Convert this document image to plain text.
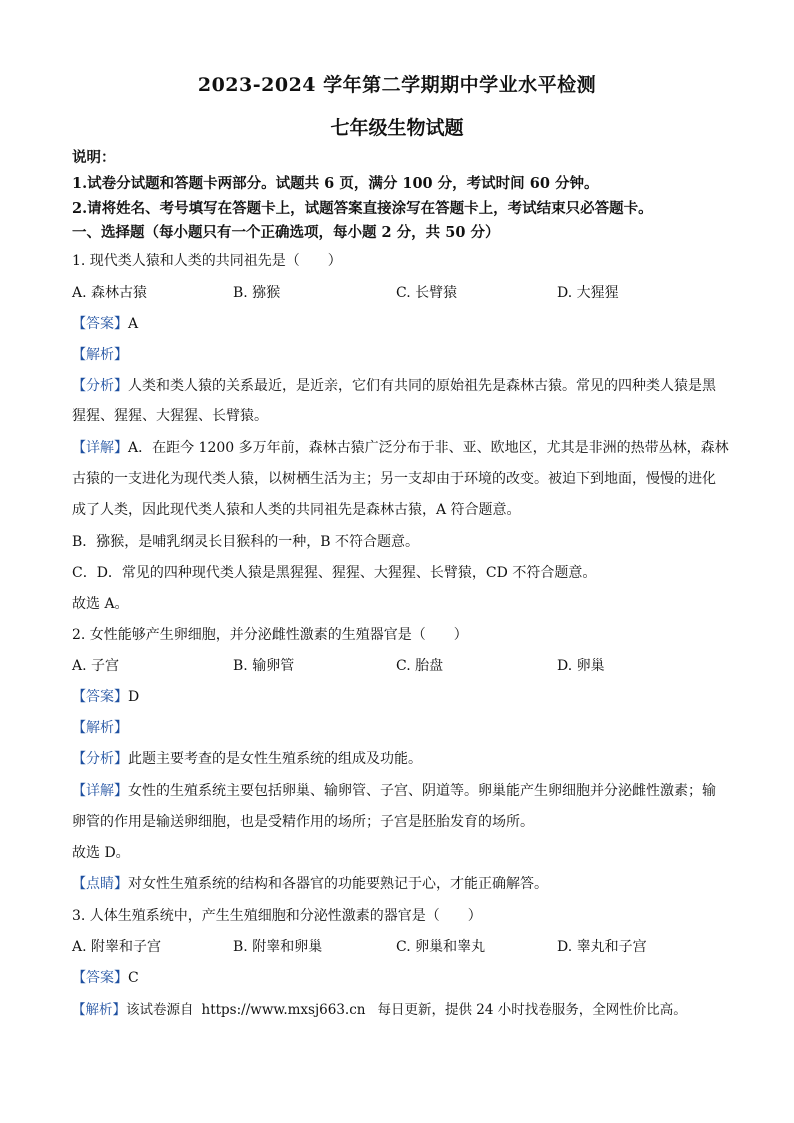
2023-2024 学年第二学期期中学业水平检测
七年级生物试题
说明：
1.试卷分试题和答题卡两部分。试题共 6 页，满分 100 分，考试时间 60 分钟。
2.请将姓名、考号填写在答题卡上，试题答案直接涂写在答题卡上，考试结束只必答题卡。
一、选择题（每小题只有一个正确选项，每小题 2 分，共 50 分）
1. 现代类人猿和人类的共同祖先是（　　）
A. 森林古猿	B. 猕猴	C. 长臂猿	D. 大猩猩
【答案】A
【解析】
【分析】人类和类人猿的关系最近，是近亲，它们有共同的原始祖先是森林古猿。常见的四种类人猿是黑
猩猩、猩猩、大猩猩、长臂猿。
【详解】A．在距今 1200 多万年前，森林古猿广泛分布于非、亚、欧地区，尤其是非洲的热带丛林，森林
古猿的一支进化为现代类人猿，以树栖生活为主；另一支却由于环境的改变。被迫下到地面，慢慢的进化
成了人类，因此现代类人猿和人类的共同祖先是森林古猿，A 符合题意。
B．猕猴，是哺乳纲灵长目猴科的一种，B 不符合题意。
C．D．常见的四种现代类人猿是黑猩猩、猩猩、大猩猩、长臂猿，CD 不符合题意。
故选 A。
2. 女性能够产生卵细胞，并分泌雌性激素的生殖器官是（　　）
A. 子宫	B. 输卵管	C. 胎盘	D. 卵巢
【答案】D
【解析】
【分析】此题主要考查的是女性生殖系统的组成及功能。
【详解】女性的生殖系统主要包括卵巢、输卵管、子宫、阴道等。卵巢能产生卵细胞并分泌雌性激素；输
卵管的作用是输送卵细胞，也是受精作用的场所；子宫是胚胎发育的场所。
故选 D。
【点睛】对女性生殖系统的结构和各器官的功能要熟记于心，才能正确解答。
3. 人体生殖系统中，产生生殖细胞和分泌性激素的器官是（　　）
A. 附睾和子宫	B. 附睾和卵巢	C. 卵巢和睾丸	D. 睾丸和子宫
【答案】C
【解析】该试卷源自 https://www.mxsj663.cn 每日更新，提供 24 小时找卷服务，全网性价比高。
